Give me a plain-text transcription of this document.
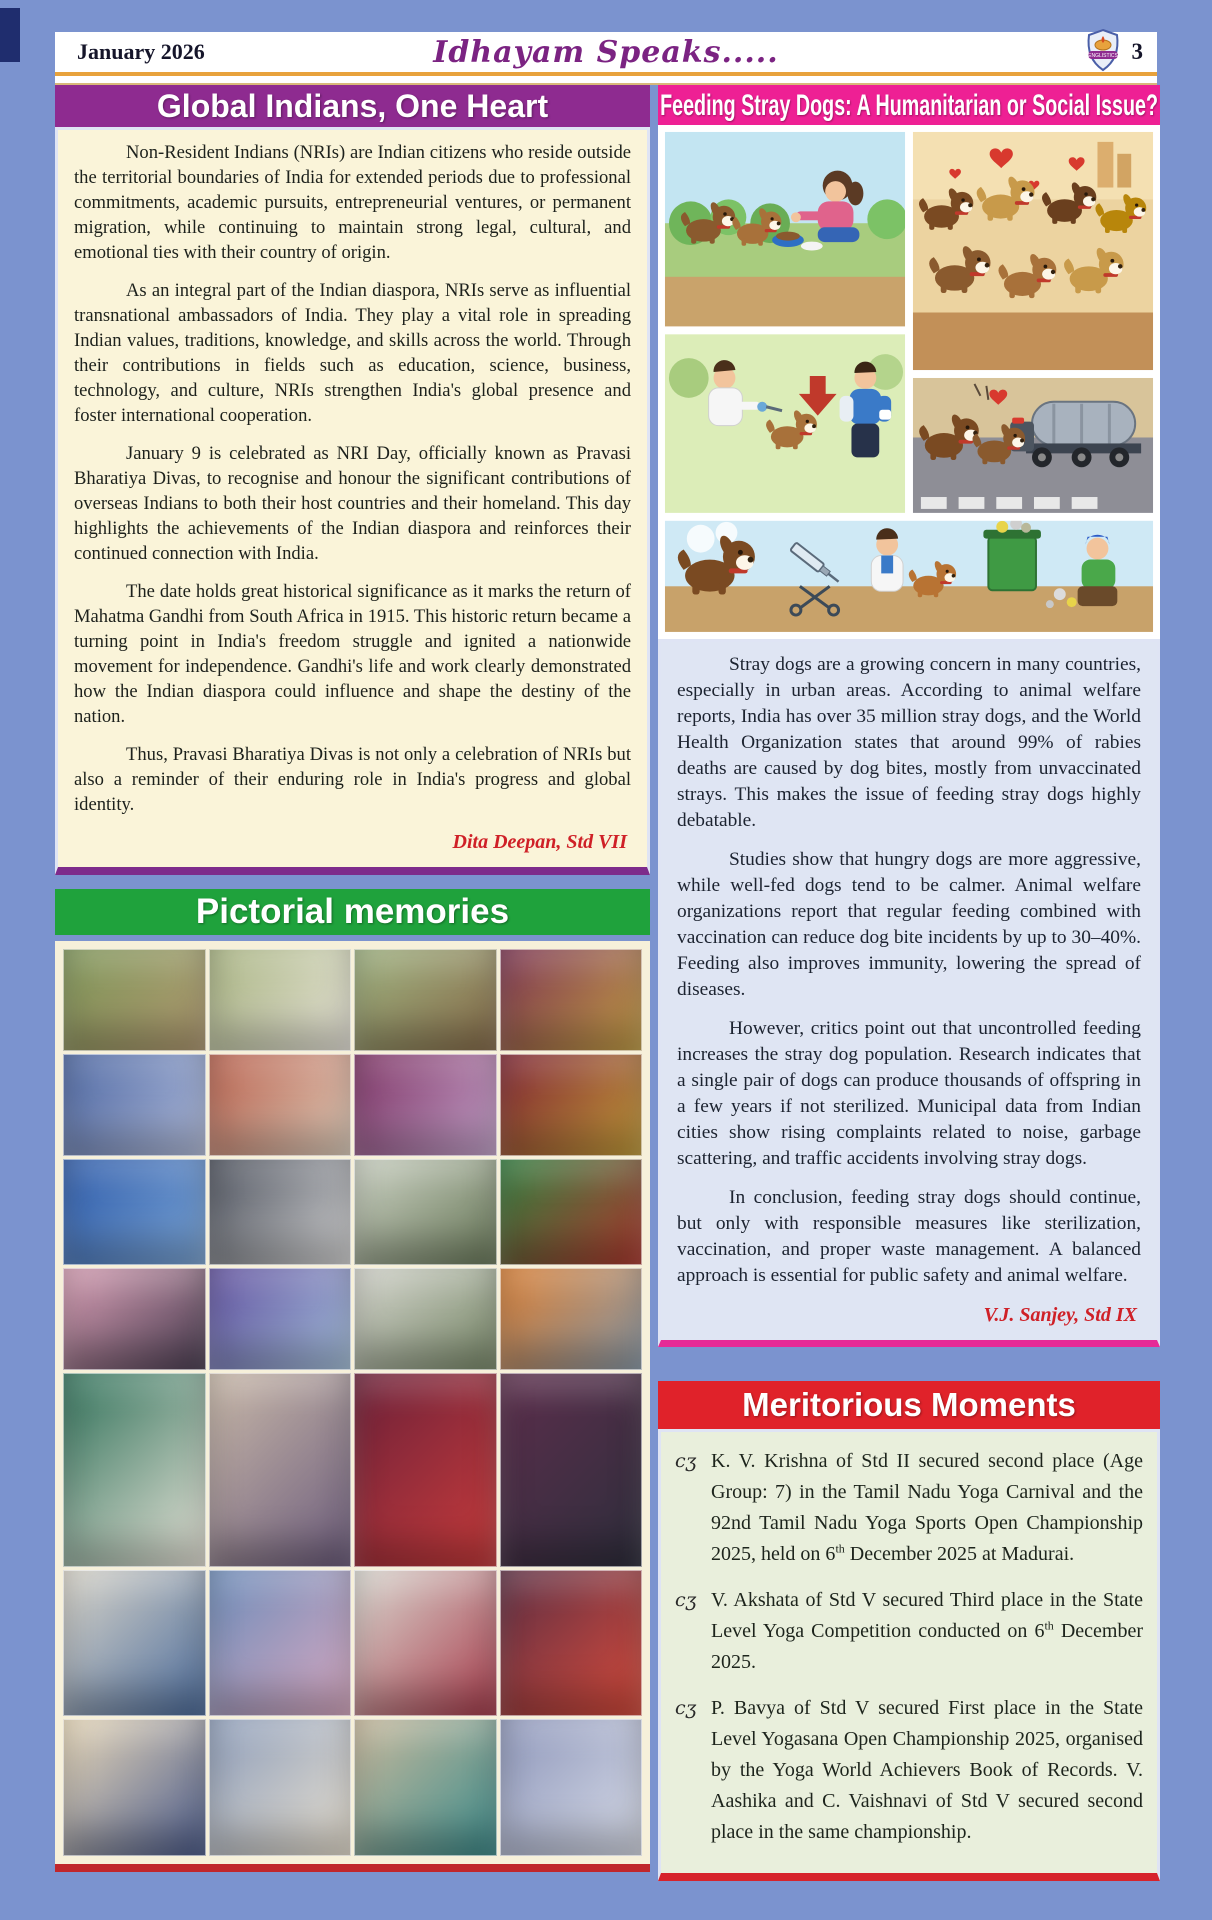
January 2026	Idhayam Speaks.....	ENGLISTICS 3
Global Indians, One Heart

Non-Resident Indians (NRIs) are Indian citizens who reside outside the territorial boundaries of India for extended periods due to professional commitments, academic pursuits, entrepreneurial ventures, or permanent migration, while continuing to maintain strong legal, cultural, and emotional ties with their country of origin.

As an integral part of the Indian diaspora, NRIs serve as influential transnational ambassadors of India. They play a vital role in spreading Indian values, traditions, knowledge, and skills across the world. Through their contributions in fields such as education, science, business, technology, and culture, NRIs strengthen India's global presence and foster international cooperation.

January 9 is celebrated as NRI Day, officially known as Pravasi Bharatiya Divas, to recognise and honour the significant contributions of overseas Indians to both their host countries and their homeland. This day highlights the achievements of the Indian diaspora and reinforces their continued connection with India.

The date holds great historical significance as it marks the return of Mahatma Gandhi from South Africa in 1915. This historic return became a turning point in India's freedom struggle and ignited a nationwide movement for independence. Gandhi's life and work clearly demonstrated how the Indian diaspora could influence and shape the destiny of the nation.

Thus, Pravasi Bharatiya Divas is not only a celebration of NRIs but also a reminder of their enduring role in India's progress and global identity.

Dita Deepan, Std VII
Pictorial memories
Feeding Stray Dogs: A Humanitarian or Social Issue?

Stray dogs are a growing concern in many countries, especially in urban areas. According to animal welfare reports, India has over 35 million stray dogs, and the World Health Organization states that around 99% of rabies deaths are caused by dog bites, mostly from unvaccinated strays. This makes the issue of feeding stray dogs highly debatable.

Studies show that hungry dogs are more aggressive, while well-fed dogs tend to be calmer. Animal welfare organizations report that regular feeding combined with vaccination can reduce dog bite incidents by up to 30–40%. Feeding also improves immunity, lowering the spread of diseases.

However, critics point out that uncontrolled feeding increases the stray dog population. Research indicates that a single pair of dogs can produce thousands of offspring in a few years if not sterilized. Municipal data from Indian cities show rising complaints related to noise, garbage scattering, and traffic accidents involving stray dogs.

In conclusion, feeding stray dogs should continue, but only with responsible measures like sterilization, vaccination, and proper waste management. A balanced approach is essential for public safety and animal welfare.

V.J. Sanjey, Std IX
Meritorious Moments
cʒ K. V. Krishna of Std II secured second place (Age Group: 7) in the Tamil Nadu Yoga Carnival and the 92nd Tamil Nadu Yoga Sports Open Championship 2025, held on 6th December 2025 at Madurai.
cʒ V. Akshata of Std V secured Third place in the State Level Yoga Competition conducted on 6th December 2025.
cʒ P. Bavya of Std V secured First place in the State Level Yogasana Open Championship 2025, organised by the Yoga World Achievers Book of Records. V. Aashika and C. Vaishnavi of Std V secured second place in the same championship.
